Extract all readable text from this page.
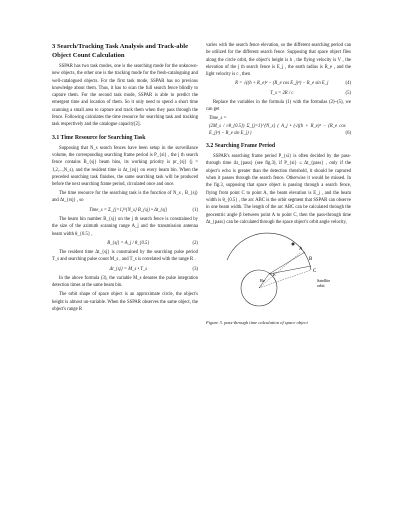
3 Search/Tracking Task Analysis and Track-able Object Count Calculation

SSPAR has two task modes, one is the searching mode for the unknown-new objects, the other one is the tracking mode for the fresh-cataloguing and well-catalogued objects. For the first task mode, SSPAR has no previous knowledge about them. Thus, it has to scan the full search fence blindly to capture them. For the second task mode, SSPAR is able to predict the emergent time and location of them. So it only need to spend a short time scanning a small area to capture and track them when they pass through the fence. Following calculates the time resource for searching task and tracking task respectively and the catalogue capacity[2].

3.1 Time Resource for Searching Task

Supposing that N_s search fences have been setup in the surveillance volume, the corresponding searching frame period is P_{si} , the j th search fence contains B_{sj} beam bins, its working priority is pr_{sj} (j = 1,2,...,N_s), and the resident time is Δt_{rsj} on every beam bin. When the preceded searching task finishes, the same searching task will be produced before the next searching frame period, circulated once and once.

The time resource for the searching task is the function of N_s , B_{sj} and Δt_{rsj} , so

Time_s = Σ_{j=1}^{N_s} B_{sj} • Δt_{sj}	(1)

The beam bin number B_{sj} on the j th search fence is constrained by the size of the azimuth scanning range A_j and the transmission antenna beam width θ_{0.5} ,

B_{sj} = A_j / θ_{0.5}	(2)

The resident time Δt_{sj} is constrained by the searching pulse period T_s and searching pulse count M_s , and T_s is correlated with the range R .

Δt_{sj} = M_s • T_s	(3)

In the above formula (3), the variable M_s denotes the pulse integration detection times at the same beam bin.

The orbit shape of space object is an approximate circle, the object's height is almost un-variable. When the SSPAR observes the same object, the object's range R

varies with the search fence elevation, so the different searching period can be utilized for the different search fence. Supposing that space object flies along the circle orbit, the object's height is h , the flying velocity is V , the elevation of the j th search fence is E_j , the earth radius is R_e , and the light velocity is c , then

R = √((h + R_e)² − (R_e cos E_j)²) − R_e sin E_j	(4)
T_s = 2R / c	(5)

Replace the variables in the formula (1) with the formulas (2)~(5), we can get

Time_s =
(2M_s / cθ_{0.5}) Σ_{j=1}^{N_s} ( A_j • (√((h + R_e)² − (R_e cos E_j)²) − R_e sin E_j) )	(6)
3.2 Searching Frame Period

SSPAR's searching frame period P_{si} is often decided by the pass-through time Δt_{pass} (see fig.3), if P_{si} ≤ Δt_{pass} , only if the object's echo is greater than the detection threshold, it should be captured when it passes through the search fence. Otherwise it would be missed. In the fig.3, supposing that space object is passing through a search fence, flying from point C to point A, the beam elevation is E_j , and the beam width is θ_{0.5} , the arc ABC is the orbit segment that SSPAR can observe in one beam width. The length of the arc ABC can be calculated through the geocentric angle β between point A to point C, then the pass-through time Δt_{pass} can be calculated through the space object's orbit angle velocity,

A
B
C
Re
E
Satellite
orbit
Figure 3. pass-through time calculation of space object
